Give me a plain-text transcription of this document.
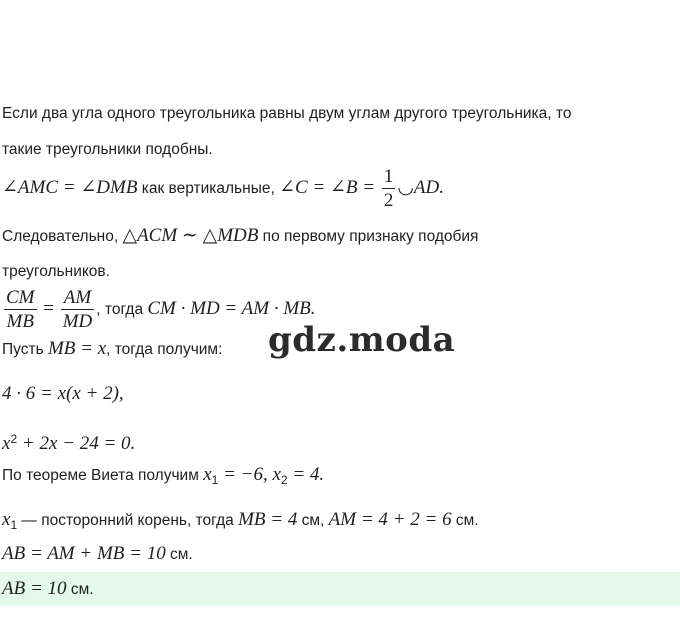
Если два угла одного треугольника равны двум углам другого треугольника, то
такие треугольники подобны.
∠AMC = ∠DMB как вертикальные, ∠C = ∠B = $\frac{1}{2}$ ◡AD.
Следовательно, △ACM ∼ △MDB по первому признаку подобия
треугольников.
$\frac{CM}{MB} = \frac{AM}{MD}$ , тогда CM · MD = AM · MB.
Пусть MB = x, тогда получим:
4 · 6 = x(x + 2),
$x^2 + 2x - 24 = 0$.
По теореме Виета получим $x_1 = -6$, $x_2 = 4$.
$x_1$ — посторонний корень, тогда MB = 4 см, AM = 4 + 2 = 6 см.
AB = AM + MB = 10 см.
AB = 10 см.
gdz.moda
